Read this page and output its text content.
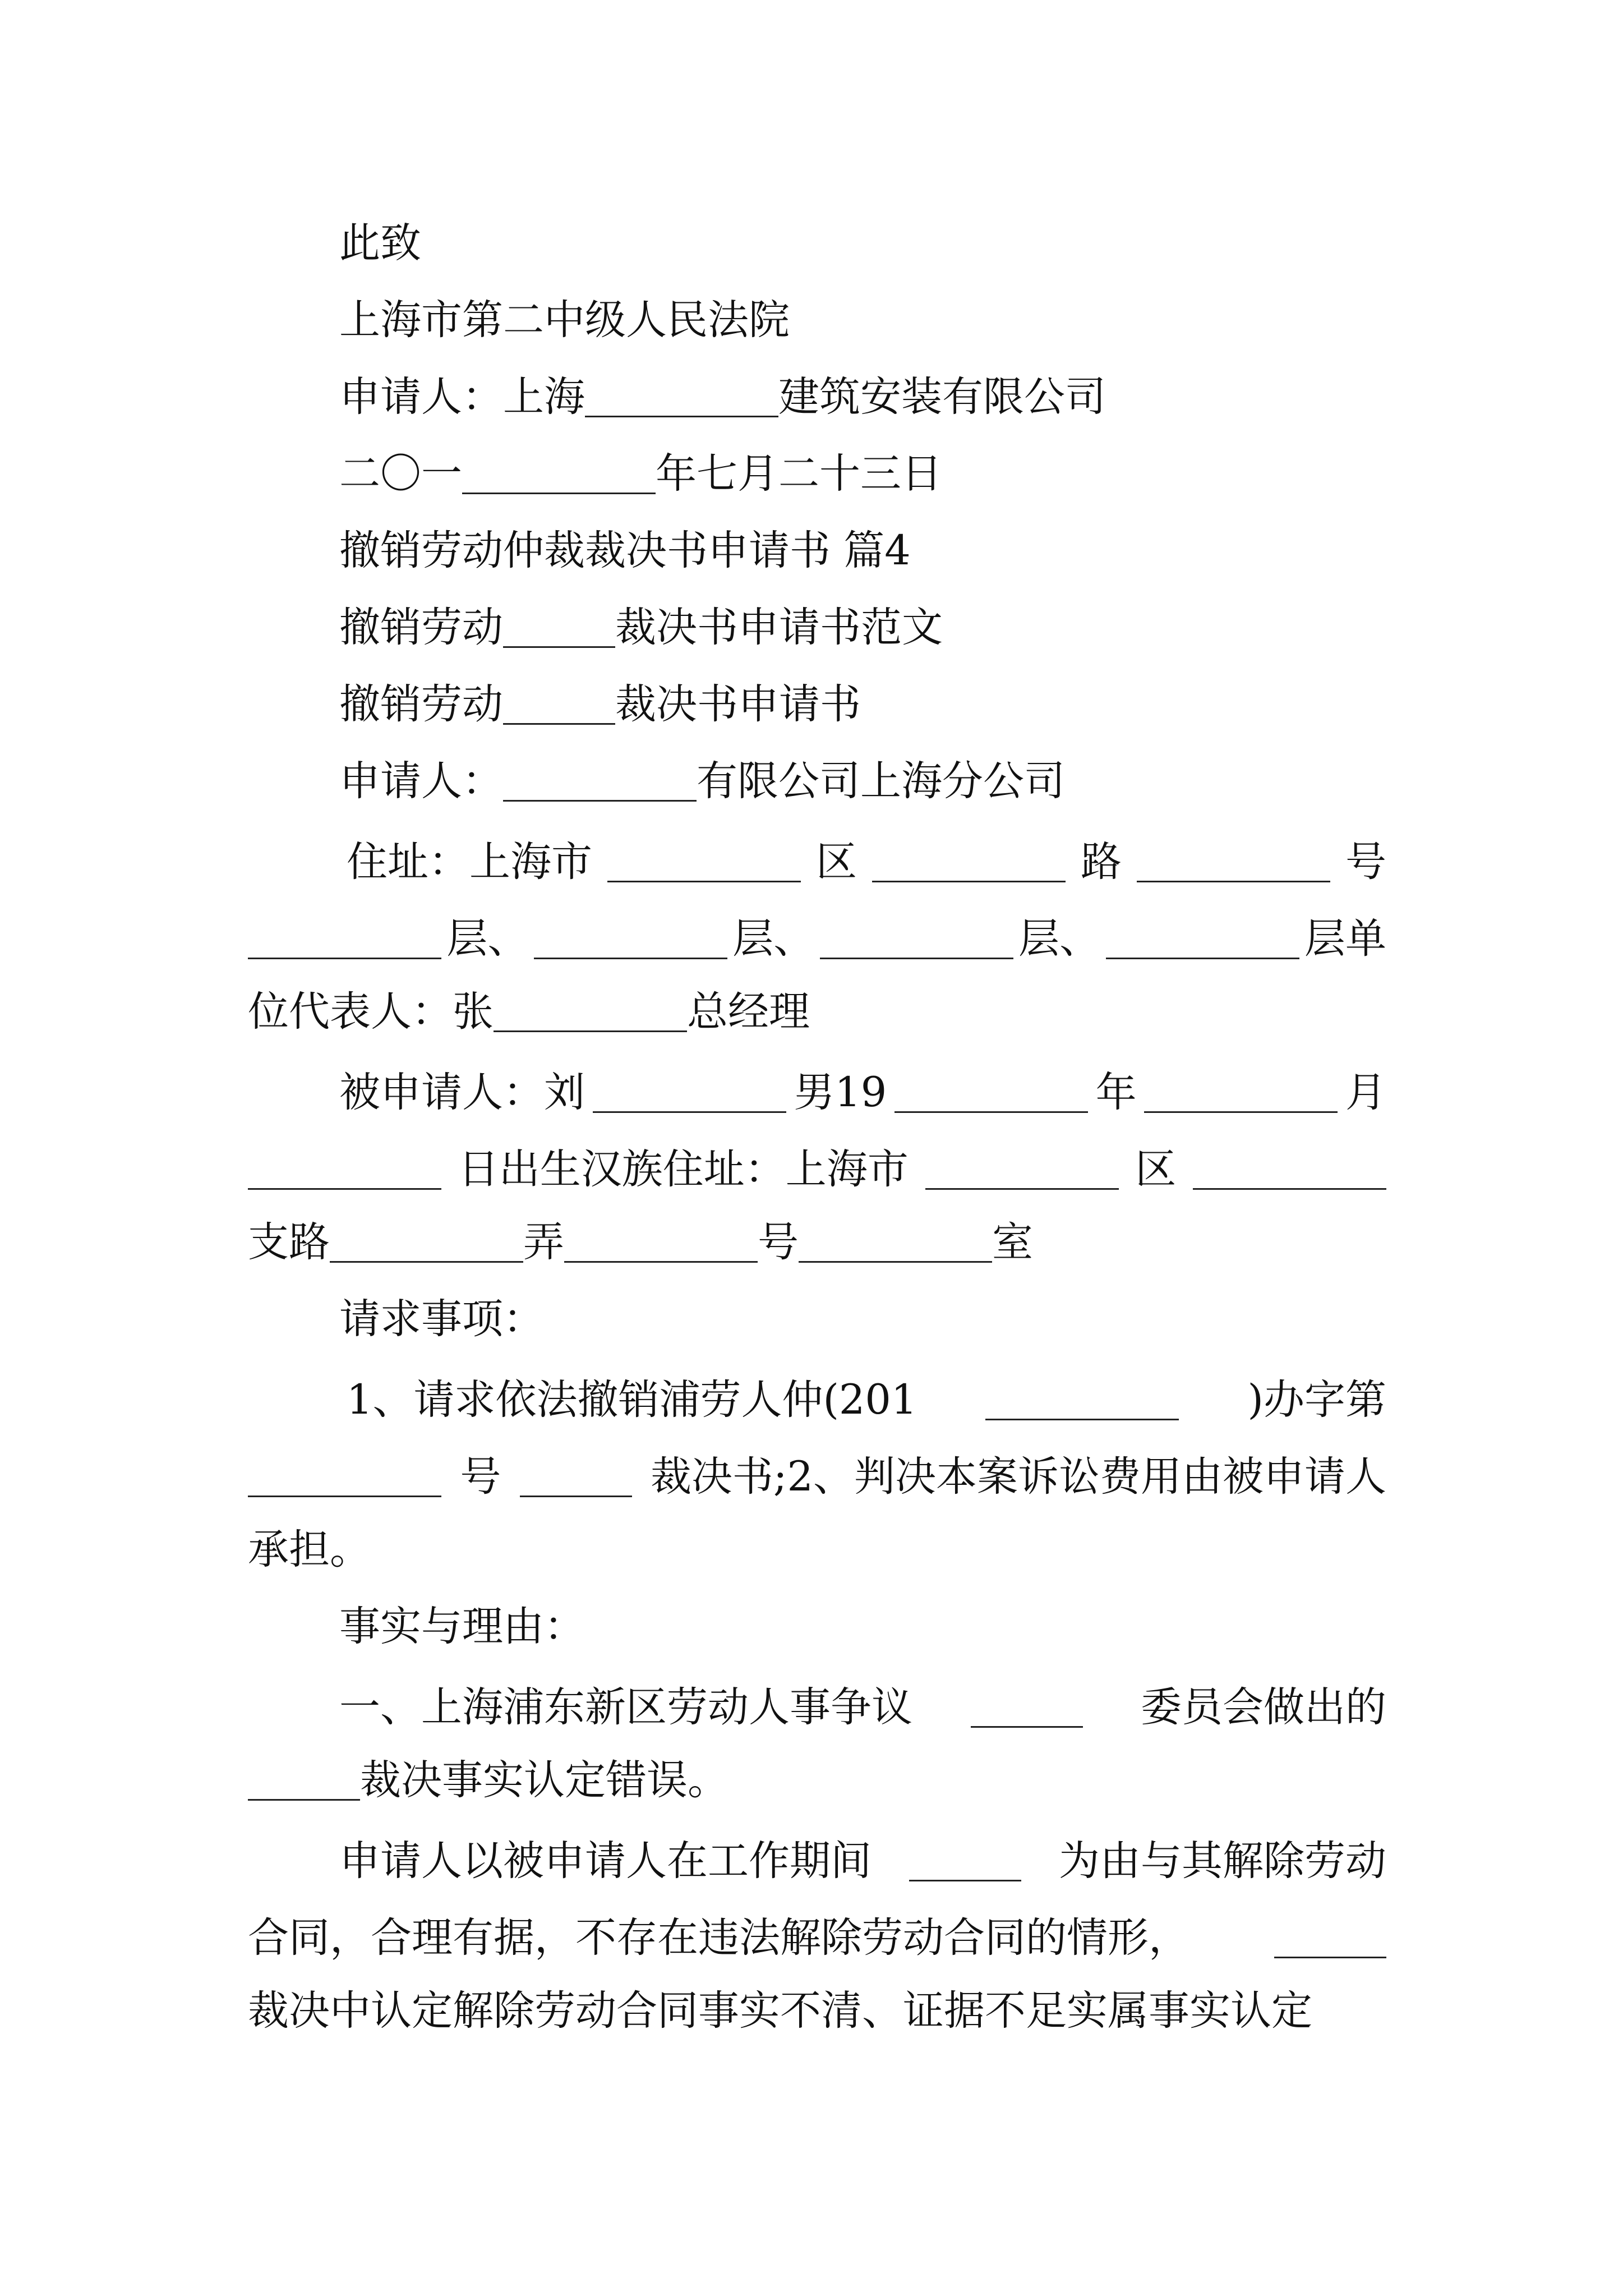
此致
上海市第二中级人民法院
申请人：上海	建筑安装有限公司
二〇一	年七月二十三日
撤销劳动仲裁裁决书申请书 篇4
撤销劳动	裁决书申请书范文
撤销劳动	裁决书申请书
申请人：	有限公司上海分公司
住址：上海市	区	路	号
层、	层、	层、	层单
位代表人：张	总经理
被申请人：刘	男19	年	月
日出生汉族住址：上海市	区
支路	弄	号	室
请求事项：
1、请求依法撤销浦劳人仲(201	)办字第
号	裁决书;2、判决本案诉讼费用由被申请人
承担。
事实与理由：
一、上海浦东新区劳动人事争议	委员会做出的
裁决事实认定错误。
申请人以被申请人在工作期间	为由与其解除劳动
合同，合理有据，不存在违法解除劳动合同的情形，
裁决中认定解除劳动合同事实不清、证据不足实属事实认定
